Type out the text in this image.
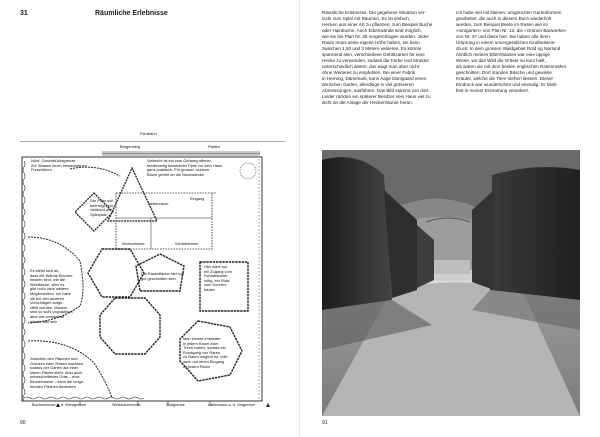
31	Räumliche Erlebnisse
Fahrbahn
Bürgersteig	Platten
Nörd. Grundstücksgrenze
Zur Strasse einen bewachsenen
Freschtüren
Vielleicht ist ein zum Gehweg offener,
beiderseitig beweideter Platz vor dem Haus
ganz praktisch. Ein grosser, schöner
Baum gehört an die Nordostecke
Der Platz soll
befestigt sein,
vielleicht als
Spielplatz
Nebenraum
Eingang
Wohnzimmer	Schlafzimmer
Die Rasenfläche hier soll
gut geschnitten sein
Es bleibt sich an,
dass die Wände Buchen-
hecken sind, wie die
Westbecke, aber es
gibt noch viele weitere
Möglichkeiten. Ich habe
sie bei den anderen
Vorschlägen aufge-
zählt worden. Mauern
sind so wohl unpraktisch,
aber wie wunderbar
könnte das sein
Hier wäre nur
ein Zugang vom
Schlafzimmer
nötig, ein Platz
zum Sonnen-
baden
Zwischen den Räumen und
Grenzen kann Rasen wachsen,
sodass der Garten auf einer
klaren Fläche steht. Aber auch
unbeschnittenes Gras – eine
Blumenwiese – kann die umge-
benden Flächen bedecken
Man könnte entweder
in jedem Raum zwei
Türen haben, sodass ein
Rundgang von Raum
zu Raum möglich ist, oder
auch nur einen Eingang
zu jedem Raum
Buchenhecke a. d. Westgrenze	Weissdornhecke	Südgrenze	Lattenzaun a. d. Ostgrenze
90
Räumliche Erlebnisse. Die gegebene Situation ver-
lockt zum Spiel mit Räumen. Es ist einfach,
Hecken aus einer Art zu pflanzen, zum Beispiel Buche
oder Hainbuche. Auch Eibenwände sind möglich,
wie sie bei Plan Nr. 25 vorgeschlagen wurden. Jeder
Raum muss seine eigene Höhe haben, sie kann
zwischen 1,50 und 3 Metern variieren. Es könnte
spannend sein, verschiedene Gehölzarten für eine
Hecke zu verwenden, sodass die Farbe und Struktur
unterschiedlich wären; das wagt man aber nicht
ohne Weiteres zu empfehlen. Bei einer Fabrik
in Herning, Dänemark, kann Aage Damgaard einen
ähnlichen Garten, allerdings in viel grösseren
Abmessungen, ausführen. Das Bild stammt von dort.
Leider rückten ein späterer Besitzer sein Haus viel zu
dicht an die Anlage der Heckenräume heran.
Ich habe viel mit kleinen, umgrenzten Gartenformen
gearbeitet, die auch in diesem Buch wiederholt
werden, zum Beispiel Beete im Rasen wie im
«Iunigarten» von Plan Nr. 13, die «Grünen Bauwerke»
von Nr. 37 und diese hier. Sie haben alle ihren
Ursprung in einem unvergesslichen Kindheitsein-
druck: In dem grossen Waldgebiet Rold og Nørlund
nördlich meines Elternhauses war eine üppige
Wiese, wo das Wild die Gräser so kurz hielt,
als wären sie mit dem besten englischen Rasenmäher
geschnitten. Dort standen Büsche und gewisse
Kräuter, welche die Tiere stehen liessen. Dieser
Eindruck war wunderschön und einmalig. Er blieb
fest in meiner Erinnerung verankert.
91
